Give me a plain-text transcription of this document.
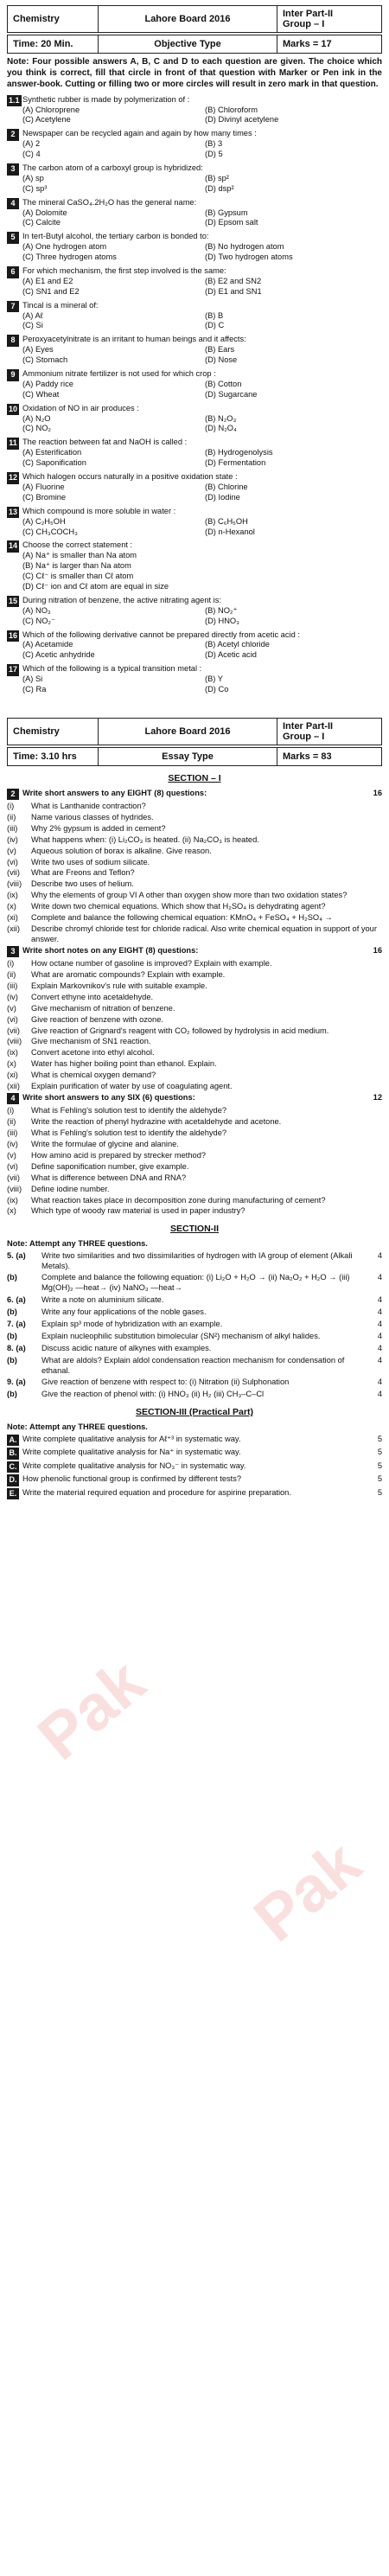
Pak
Pak
Chemistry	Lahore Board 2016
Inter Part-II
Group – I
Time: 20 Min.	Objective Type	Marks = 17
Note: Four possible answers A, B, C and D to each question are given. The choice which you think is correct, fill that circle in front of that question with Marker or Pen ink in the answer-book. Cutting or filling two or more circles will result in zero mark in that question.
1.1 Synthetic rubber is made by polymerization of :
(A) Chloroprene	(B) Chloroform
(C) Acetylene	(D) Divinyl acetylene
2 Newspaper can be recycled again and again by how many times :
(A) 2	(B) 3
(C) 4	(D) 5
3 The carbon atom of a carboxyl group is hybridized:
(A) sp	(B) sp²
(C) sp³	(D) dsp²
4 The mineral CaSO₄.2H₂O has the general name:
(A) Dolomite	(B) Gypsum
(C) Calcite	(D) Epsom salt
5 In tert-Butyl alcohol, the tertiary carbon is bonded to:
(A) One hydrogen atom	(B) No hydrogen atom
(C) Three hydrogen atoms	(D) Two hydrogen atoms
6 For which mechanism, the first step involved is the same:
(A) E1 and E2	(B) E2 and SN2
(C) SN1 and E2	(D) E1 and SN1
7 Tincal is a mineral of:
(A) Aℓ	(B) B
(C) Si	(D) C
8 Peroxyacetylnitrate is an irritant to human beings and it affects:
(A) Eyes	(B) Ears
(C) Stomach	(D) Nose
9 Ammonium nitrate fertilizer is not used for which crop :
(A) Paddy rice	(B) Cotton
(C) Wheat	(D) Sugarcane
10 Oxidation of NO in air produces :
(A) N₂O	(B) N₂O₃
(C) NO₂	(D) N₂O₄
11 The reaction between fat and NaOH is called :
(A) Esterification	(B) Hydrogenolysis
(C) Saponification	(D) Fermentation
12 Which halogen occurs naturally in a positive oxidation state :
(A) Fluorine	(B) Chlorine
(C) Bromine	(D) Iodine
13 Which compound is more soluble in water :
(A) C₂H₅OH	(B) C₆H₅OH
(C) CH₃COCH₃	(D) n-Hexanol
14 Choose the correct statement :
(A) Na⁺ is smaller than Na atom
(B) Na⁺ is larger than Na atom
(C) Cℓ⁻ is smaller than Cℓ atom
(D) Cℓ⁻ ion and Cℓ atom are equal in size
15 During nitration of benzene, the active nitrating agent is:
(A) NO₃	(B) NO₂⁺
(C) NO₂⁻	(D) HNO₃
16 Which of the following derivative cannot be prepared directly from acetic acid :
(A) Acetamide	(B) Acetyl chloride
(C) Acetic anhydride	(D) Acetic acid
17 Which of the following is a typical transition metal :
(A) Si	(B) Y
(C) Ra	(D) Co
Chemistry	Lahore Board 2016
Inter Part-II
Group – I
Time: 3.10 hrs	Essay Type	Marks = 83
SECTION – I
2 Write short answers to any EIGHT (8) questions:	16
(i)	What is Lanthanide contraction?
(ii)	Name various classes of hydrides.
(iii)	Why 2% gypsum is added in cement?
(iv)	What happens when: (i) Li₂CO₃ is heated. (ii) Na₂CO₃ is heated.
(v)	Aqueous solution of borax is alkaline. Give reason.
(vi)	Write two uses of sodium silicate.
(vii)	What are Freons and Teflon?
(viii)	Describe two uses of helium.
(ix)	Why the elements of group VI A other than oxygen show more than two oxidation states?
(x)	Write down two chemical equations. Which show that H₂SO₄ is dehydrating agent?
(xi)	Complete and balance the following chemical equation: KMnO₄ + FeSO₄ + H₂SO₄ →
(xii)	Describe chromyl chloride test for chloride radical. Also write chemical equation in support of your answer.
3 Write short notes on any EIGHT (8) questions:	16
(i)	How octane number of gasoline is improved? Explain with example.
(ii)	What are aromatic compounds? Explain with example.
(iii)	Explain Markovnikov's rule with suitable example.
(iv)	Convert ethyne into acetaldehyde.
(v)	Give mechanism of nitration of benzene.
(vi)	Give reaction of benzene with ozone.
(vii)	Give reaction of Grignard's reagent with CO₂ followed by hydrolysis in acid medium.
(viii)	Give mechanism of SN1 reaction.
(ix)	Convert acetone into ethyl alcohol.
(x)	Water has higher boiling point than ethanol. Explain.
(xi)	What is chemical oxygen demand?
(xii)	Explain purification of water by use of coagulating agent.
4 Write short answers to any SIX (6) questions:	12
(i)	What is Fehling's solution test to identify the aldehyde?
(ii)	Write the reaction of phenyl hydrazine with acetaldehyde and acetone.
(iii)	What is Fehling's solution test to identify the aldehyde?
(iv)	Write the formulae of glycine and alanine.
(v)	How amino acid is prepared by strecker method?
(vi)	Define saponification number, give example.
(vii)	What is difference between DNA and RNA?
(viii)	Define iodine number.
(ix)	What reaction takes place in decomposition zone during manufacturing of cement?
(x)	Which type of woody raw material is used in paper industry?
SECTION-II
Note: Attempt any THREE questions.
5. (a)	Write two similarities and two dissimilarities of hydrogen with IA group of element (Alkali Metals).
4
(b)	Complete and balance the following equation: (i) Li₂O + H₂O → (ii) Na₂O₂ + H₂O → (iii) Mg(OH)₂ —heat→ (iv) NaNO₃ —heat→
4
6. (a)	Write a note on aluminium silicate.	4
(b)	Write any four applications of the noble gases.	4
7. (a)	Explain sp³ mode of hybridization with an example.	4
(b)	Explain nucleophilic substitution bimolecular (SN²) mechanism of alkyl halides.	4
8. (a)	Discuss acidic nature of alkynes with examples.	4
(b)	What are aldols? Explain aldol condensation reaction mechanism for condensation of ethanal.
4
9. (a)	Give reaction of benzene with respect to: (i) Nitration (ii) Sulphonation	4
(b)	Give the reaction of phenol with: (i) HNO₃ (ii) H₂ (iii) CH₃–C–Cl	4
SECTION-III (Practical Part)
Note: Attempt any THREE questions.
A. Write complete qualitative analysis for Aℓ⁺³ in systematic way.	5
B. Write complete qualitative analysis for Na⁺ in systematic way.	5
C. Write complete qualitative analysis for NO₃⁻ in systematic way.	5
D. How phenolic functional group is confirmed by different tests?	5
E. Write the material required equation and procedure for aspirine preparation.	5
